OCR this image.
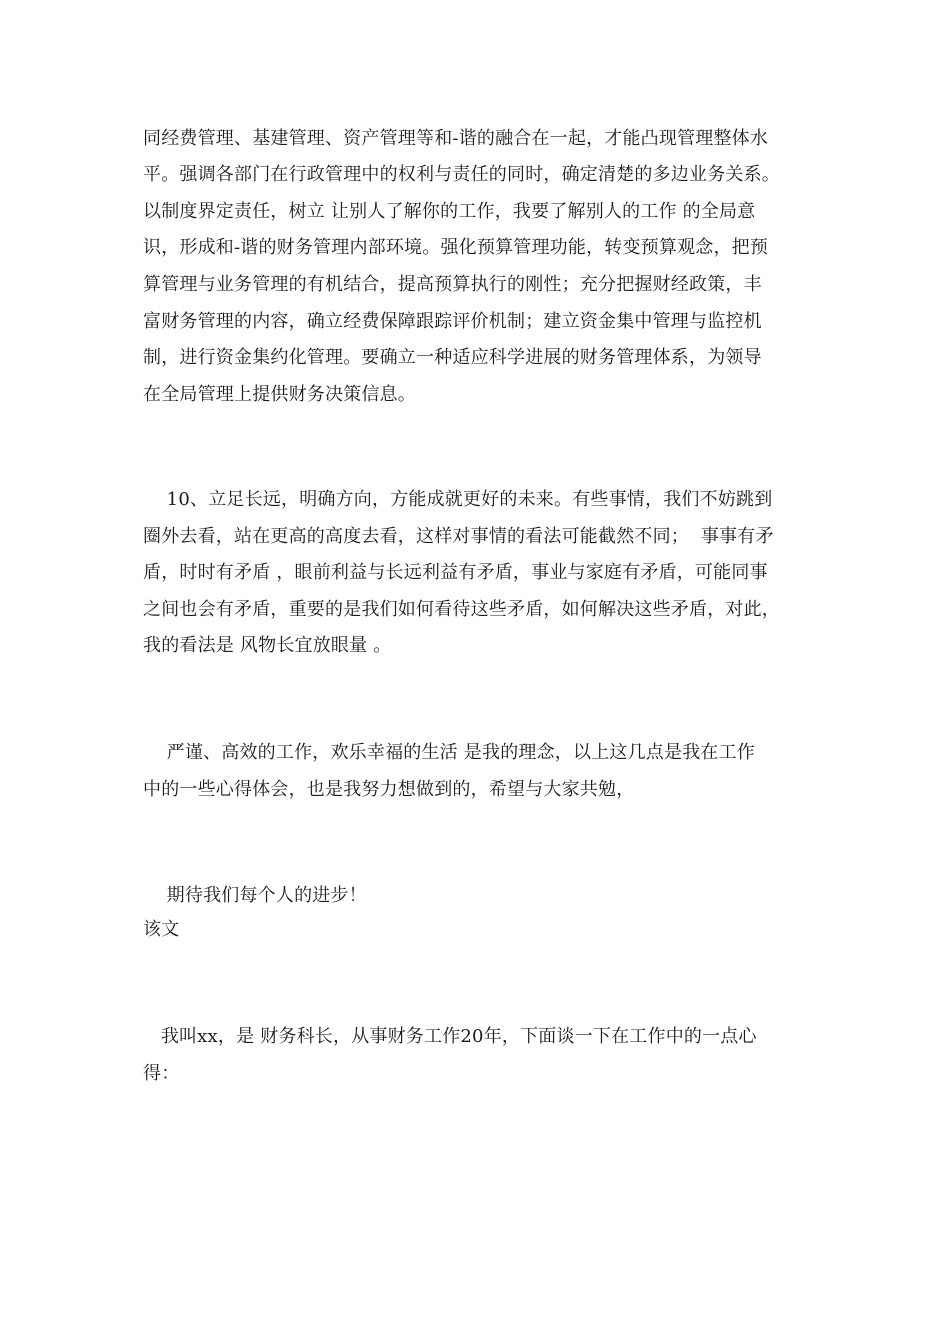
同经费管理、基建管理、资产管理等和-谐的融合在一起，才能凸现管理整体水
平。强调各部门在行政管理中的权利与责任的同时，确定清楚的多边业务关系。
以制度界定责任，树立 让别人了解你的工作，我要了解别人的工作 的全局意
识，形成和-谐的财务管理内部环境。强化预算管理功能，转变预算观念，把预
算管理与业务管理的有机结合，提高预算执行的刚性；充分把握财经政策，丰
富财务管理的内容，确立经费保障跟踪评价机制；建立资金集中管理与监控机
制，进行资金集约化管理。要确立一种适应科学进展的财务管理体系，为领导
在全局管理上提供财务决策信息。
10、立足长远，明确方向，方能成就更好的未来。有些事情，我们不妨跳到
圈外去看，站在更高的高度去看，这样对事情的看法可能截然不同；  事事有矛
盾，时时有矛盾 ，眼前利益与长远利益有矛盾，事业与家庭有矛盾，可能同事
之间也会有矛盾，重要的是我们如何看待这些矛盾，如何解决这些矛盾，对此，
我的看法是 风物长宜放眼量 。
严谨、高效的工作，欢乐幸福的生活 是我的理念，以上这几点是我在工作
中的一些心得体会，也是我努力想做到的，希望与大家共勉，
期待我们每个人的进步！
该文
我叫xx，是 财务科长，从事财务工作20年，下面谈一下在工作中的一点心
得：
